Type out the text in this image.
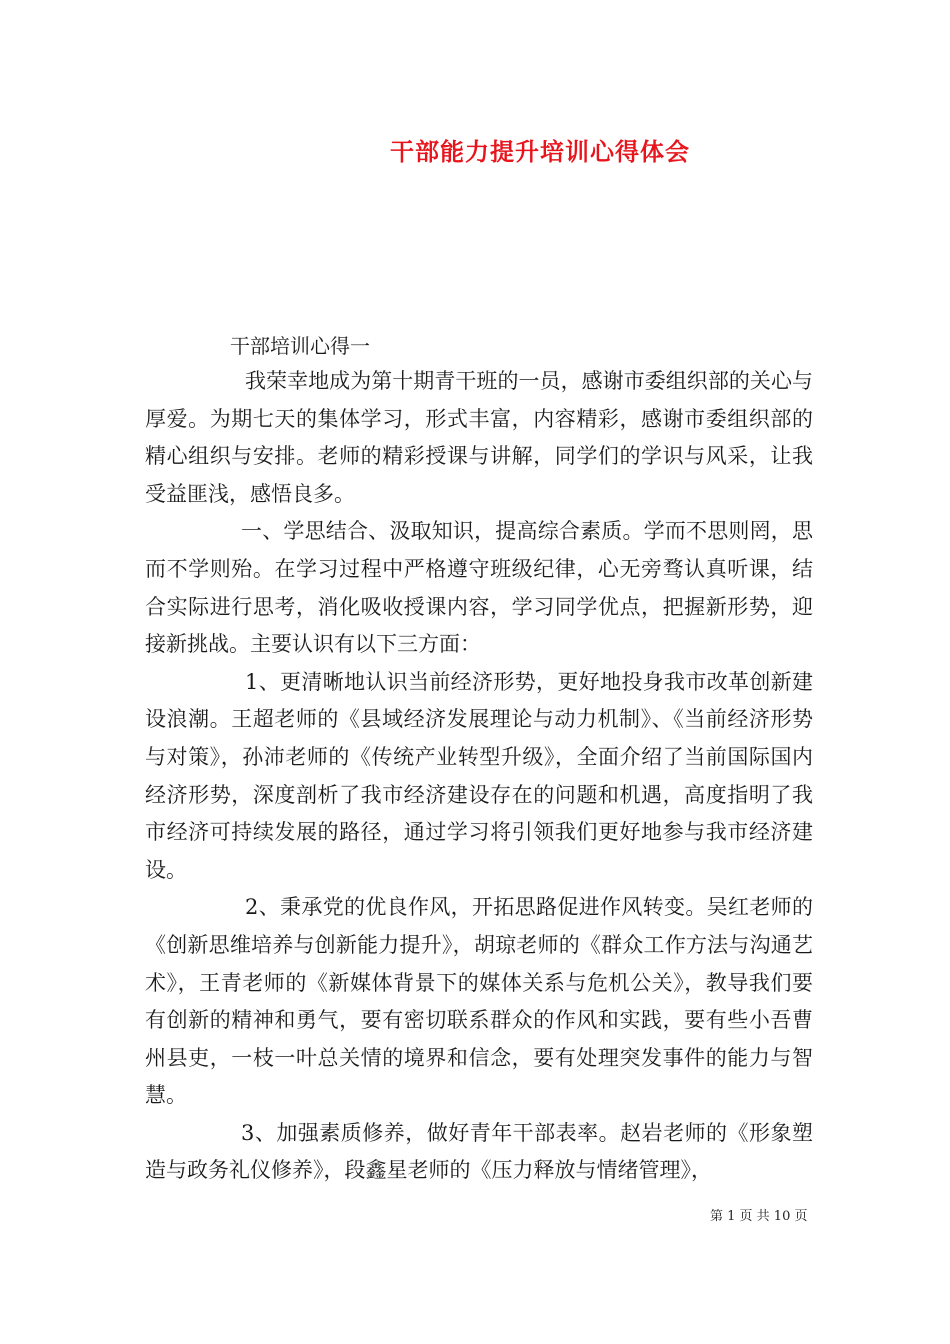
干部能力提升培训心得体会
干部培训心得一

我荣幸地成为第十期青干班的一员，感谢市委组织部的关心与厚爱。为期七天的集体学习，形式丰富，内容精彩，感谢市委组织部的精心组织与安排。老师的精彩授课与讲解，同学们的学识与风采，让我受益匪浅，感悟良多。

一、学思结合、汲取知识，提高综合素质。学而不思则罔，思而不学则殆。在学习过程中严格遵守班级纪律，心无旁骛认真听课，结合实际进行思考，消化吸收授课内容，学习同学优点，把握新形势，迎接新挑战。主要认识有以下三方面：

1、更清晰地认识当前经济形势，更好地投身我市改革创新建设浪潮。王超老师的《县域经济发展理论与动力机制》、《当前经济形势与对策》，孙沛老师的《传统产业转型升级》，全面介绍了当前国际国内经济形势，深度剖析了我市经济建设存在的问题和机遇，高度指明了我市经济可持续发展的路径，通过学习将引领我们更好地参与我市经济建设。

2、秉承党的优良作风，开拓思路促进作风转变。吴红老师的《创新思维培养与创新能力提升》，胡琼老师的《群众工作方法与沟通艺术》，王青老师的《新媒体背景下的媒体关系与危机公关》，教导我们要有创新的精神和勇气，要有密切联系群众的作风和实践，要有些小吾曹州县吏，一枝一叶总关情的境界和信念，要有处理突发事件的能力与智慧。

3、加强素质修养，做好青年干部表率。赵岩老师的《形象塑造与政务礼仪修养》，段鑫星老师的《压力释放与情绪管理》，

第 1 页 共 10 页
